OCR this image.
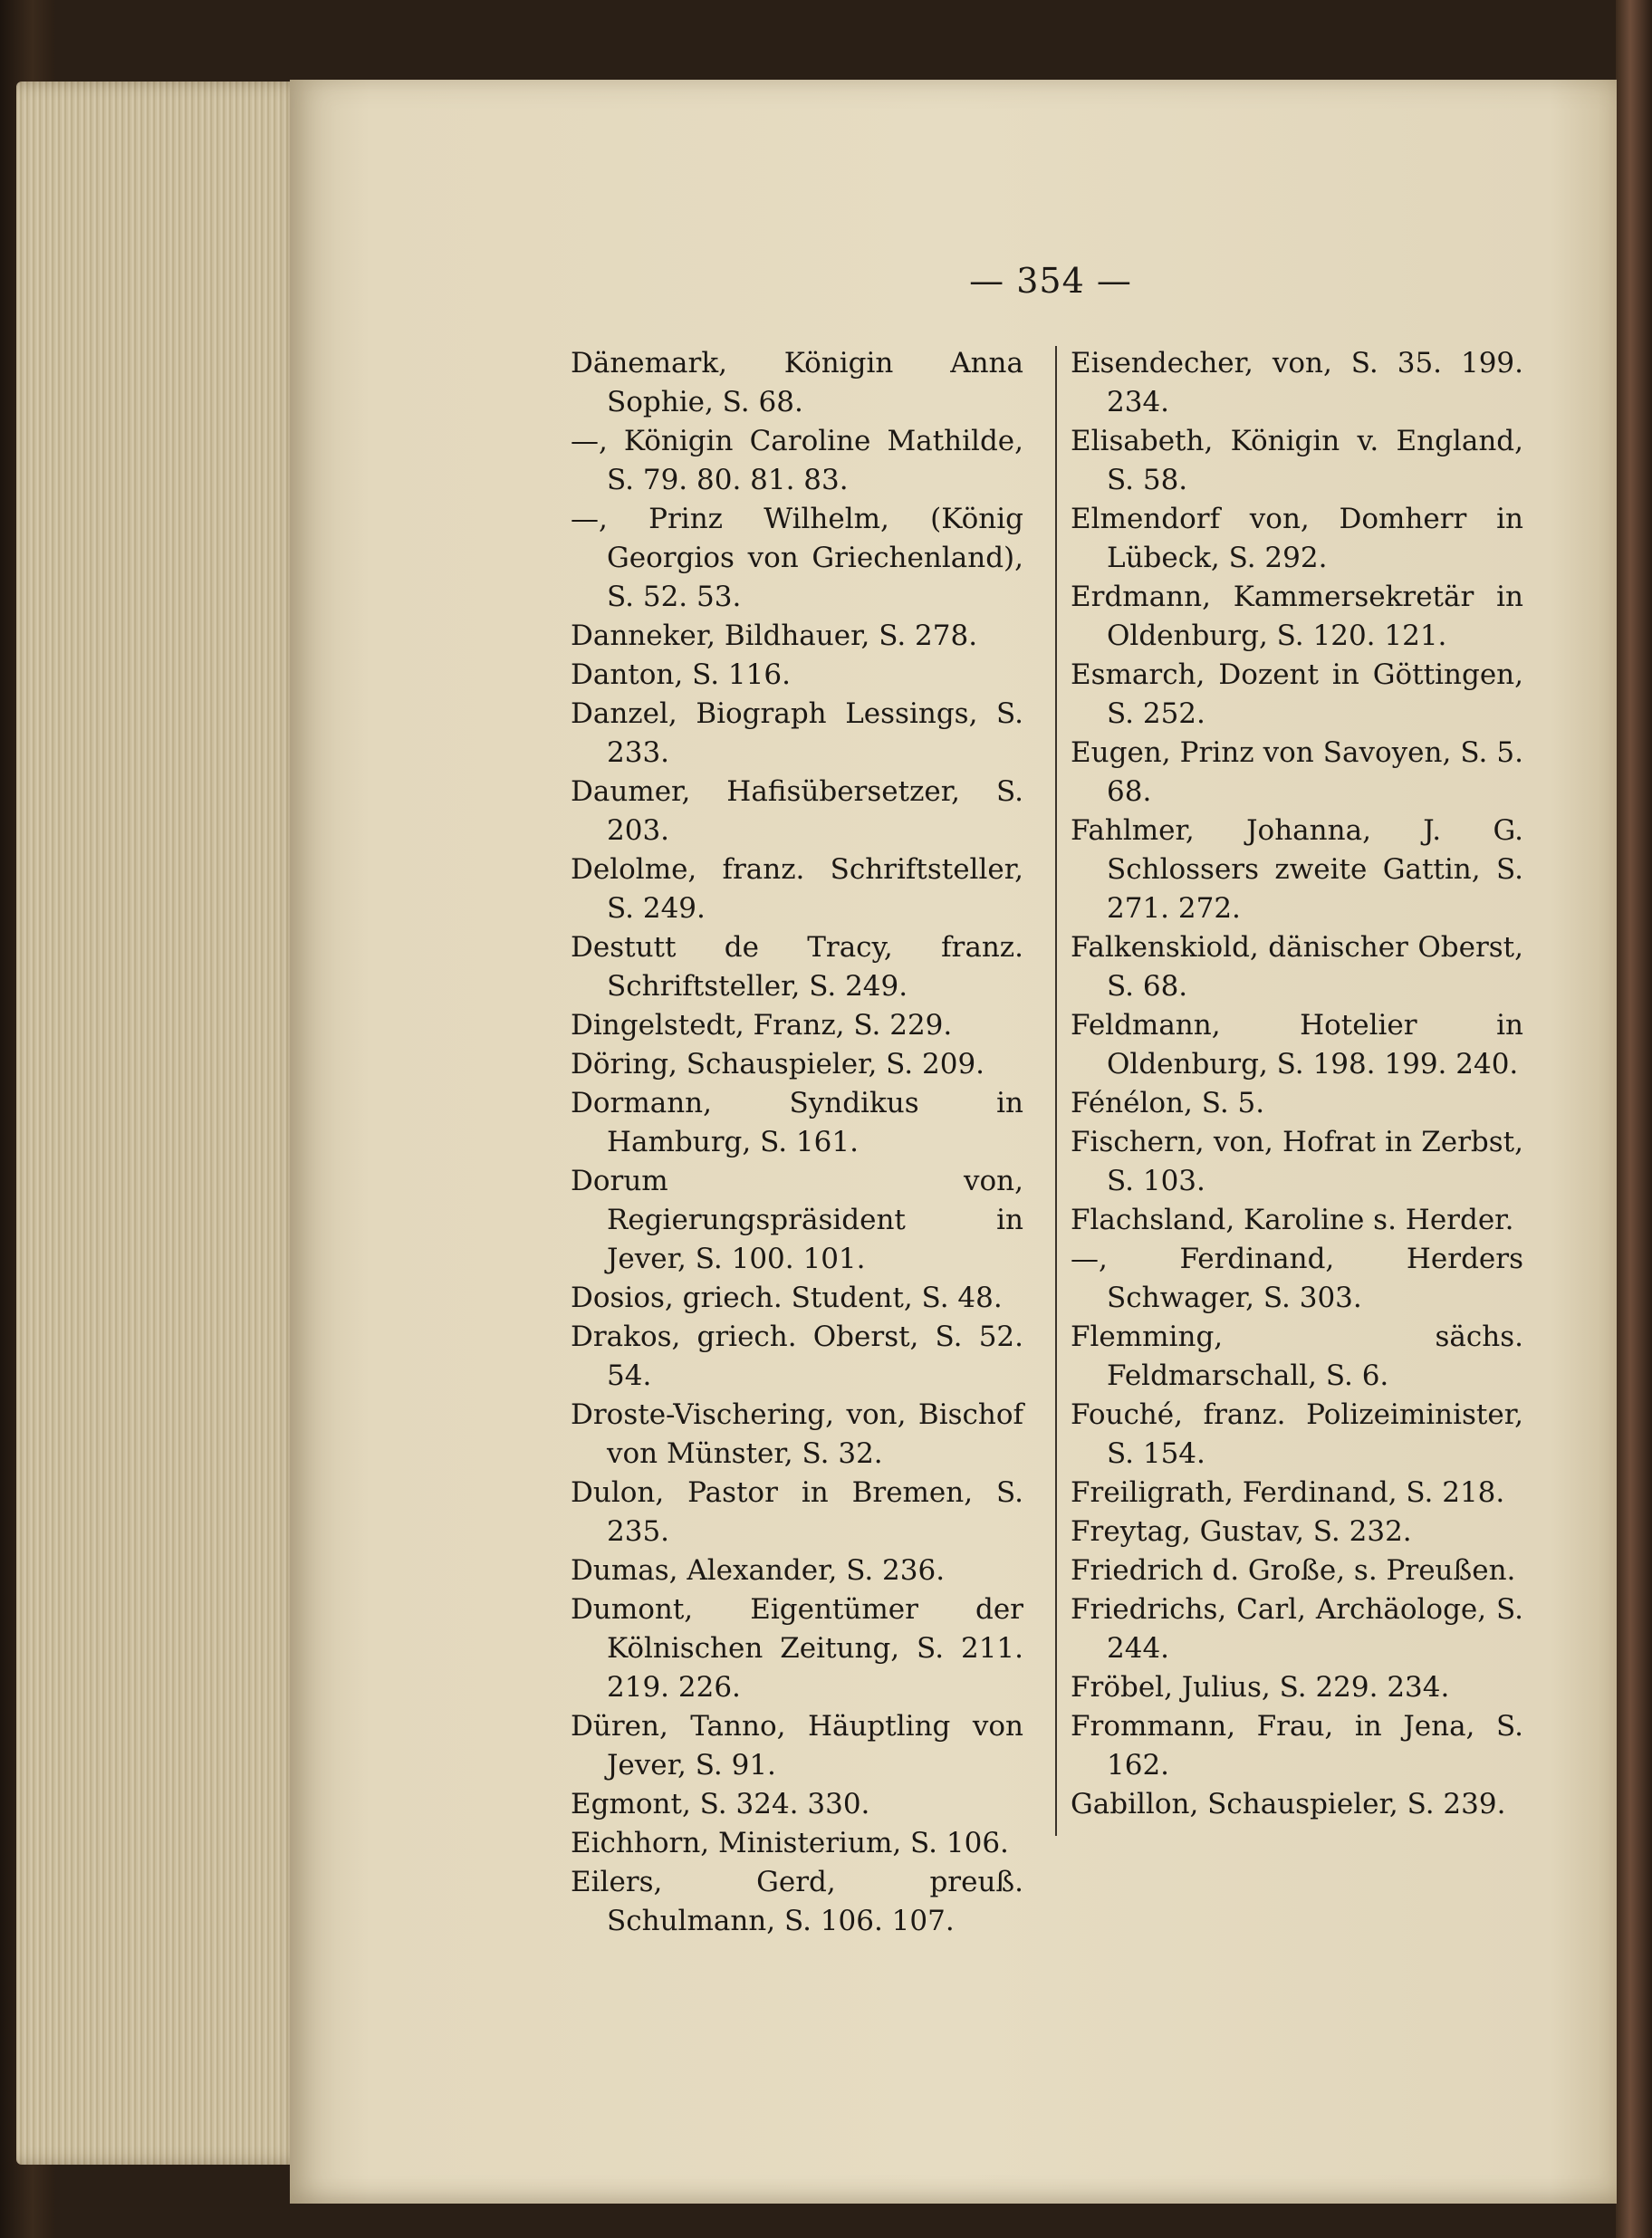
— 354 —

Dänemark, Königin Anna Sophie, S. 68.

—, Königin Caroline Mathilde, S. 79. 80. 81. 83.

—, Prinz Wilhelm, (König Georgios von Griechenland), S. 52. 53.

Danneker, Bildhauer, S. 278.

Danton, S. 116.

Danzel, Biograph Lessings, S. 233.

Daumer, Hafisübersetzer, S. 203.

Delolme, franz. Schriftsteller, S. 249.

Destutt de Tracy, franz. Schriftsteller, S. 249.

Dingelstedt, Franz, S. 229.

Döring, Schauspieler, S. 209.

Dormann, Syndikus in Hamburg, S. 161.

Dorum von, Regierungspräsident in Jever, S. 100. 101.

Dosios, griech. Student, S. 48.

Drakos, griech. Oberst, S. 52. 54.

Droste-Vischering, von, Bischof von Münster, S. 32.

Dulon, Pastor in Bremen, S. 235.

Dumas, Alexander, S. 236.

Dumont, Eigentümer der Kölnischen Zeitung, S. 211. 219. 226.

Düren, Tanno, Häuptling von Jever, S. 91.

Egmont, S. 324. 330.

Eichhorn, Ministerium, S. 106.

Eilers, Gerd, preuß. Schulmann, S. 106. 107.

Eisendecher, von, S. 35. 199. 234.

Elisabeth, Königin v. England, S. 58.

Elmendorf von, Domherr in Lübeck, S. 292.

Erdmann, Kammersekretär in Oldenburg, S. 120. 121.

Esmarch, Dozent in Göttingen, S. 252.

Eugen, Prinz von Savoyen, S. 5. 68.

Fahlmer, Johanna, J. G. Schlossers zweite Gattin, S. 271. 272.

Falkenskiold, dänischer Oberst, S. 68.

Feldmann, Hotelier in Oldenburg, S. 198. 199. 240.

Fénélon, S. 5.

Fischern, von, Hofrat in Zerbst, S. 103.

Flachsland, Karoline s. Herder.

—, Ferdinand, Herders Schwager, S. 303.

Flemming, sächs. Feldmarschall, S. 6.

Fouché, franz. Polizeiminister, S. 154.

Freiligrath, Ferdinand, S. 218.

Freytag, Gustav, S. 232.

Friedrich d. Große, s. Preußen.

Friedrichs, Carl, Archäologe, S. 244.

Fröbel, Julius, S. 229. 234.

Frommann, Frau, in Jena, S. 162.

Gabillon, Schauspieler, S. 239.
